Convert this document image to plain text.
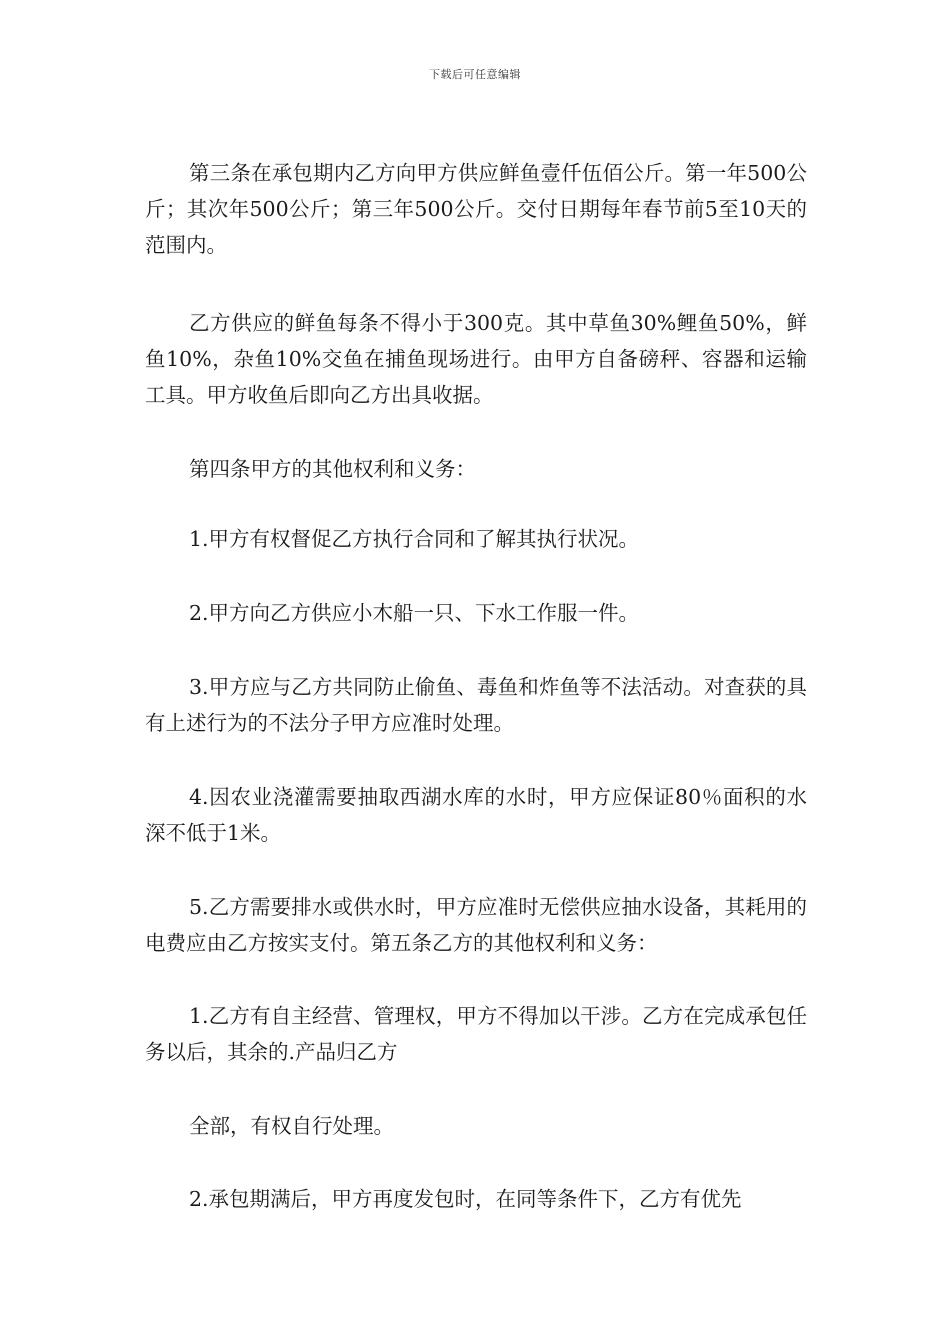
下载后可任意编辑

第三条在承包期内乙方向甲方供应鲜鱼壹仟伍佰公斤。第一年500公斤；其次年500公斤；第三年500公斤。交付日期每年春节前5至10天的范围内。

乙方供应的鲜鱼每条不得小于300克。其中草鱼30%鲤鱼50%，鲜鱼10%，杂鱼10%交鱼在捕鱼现场进行。由甲方自备磅秤、容器和运输工具。甲方收鱼后即向乙方出具收据。

第四条甲方的其他权利和义务：

1.甲方有权督促乙方执行合同和了解其执行状况。

2.甲方向乙方供应小木船一只、下水工作服一件。

3.甲方应与乙方共同防止偷鱼、毒鱼和炸鱼等不法活动。对查获的具有上述行为的不法分子甲方应准时处理。

4.因农业浇灌需要抽取西湖水库的水时，甲方应保证80％面积的水深不低于1米。

5.乙方需要排水或供水时，甲方应准时无偿供应抽水设备，其耗用的电费应由乙方按实支付。第五条乙方的其他权利和义务：

1.乙方有自主经营、管理权，甲方不得加以干涉。乙方在完成承包任务以后，其余的.产品归乙方

全部，有权自行处理。

2.承包期满后，甲方再度发包时，在同等条件下，乙方有优先
